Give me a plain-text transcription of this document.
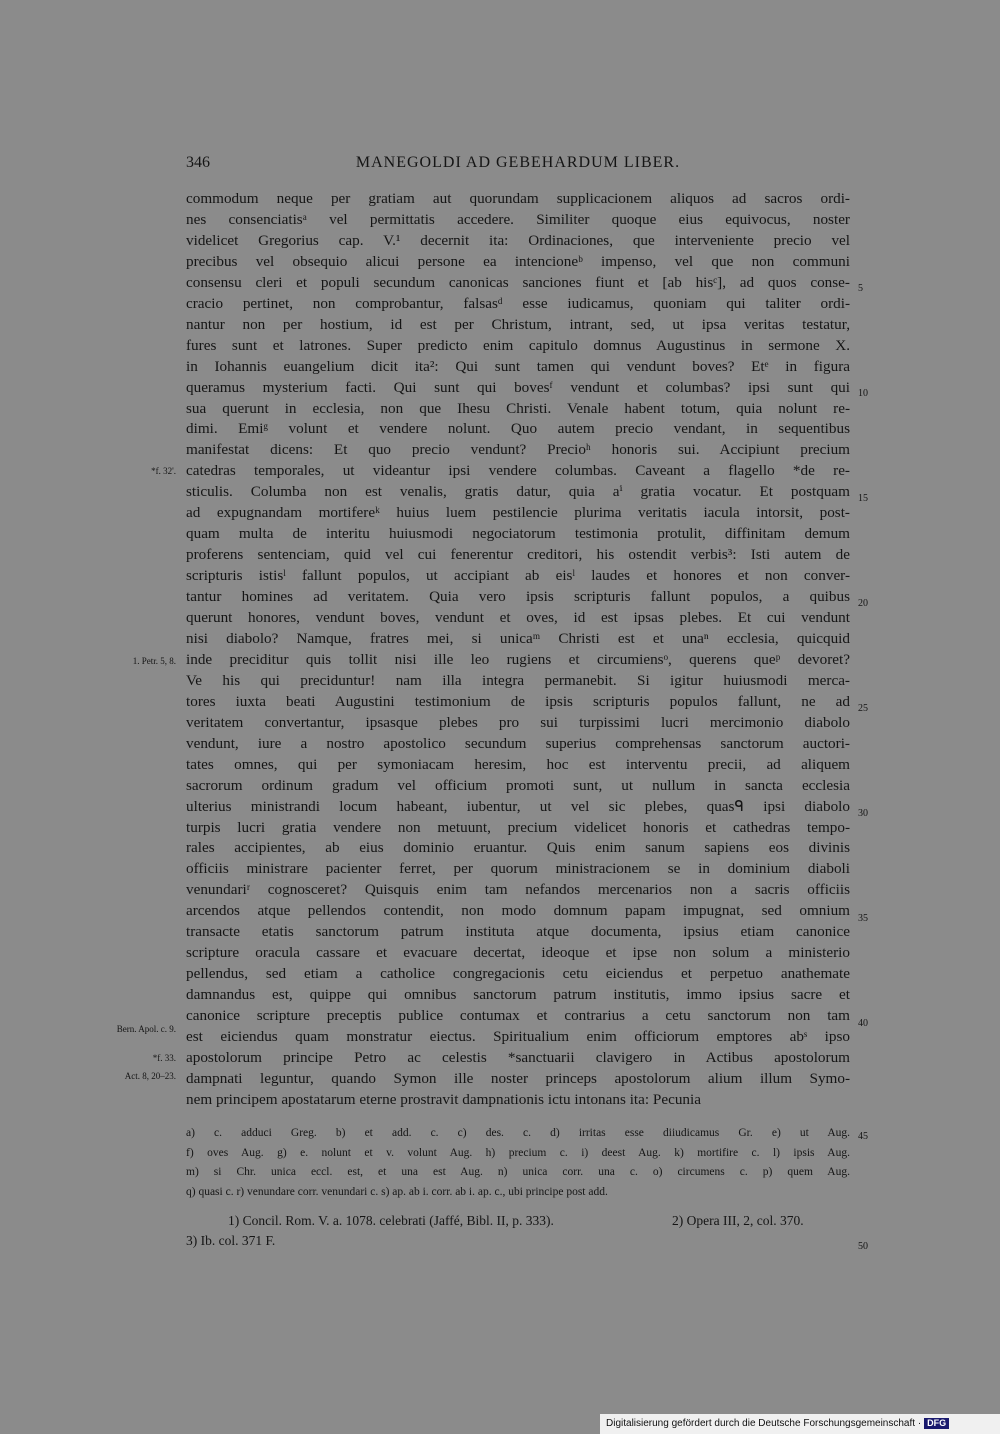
346	MANEGOLDI AD GEBEHARDUM LIBER.
commodum neque per gratiam aut quorundam supplicacionem aliquos ad sacros ordi-
nes consenciatisᵃ vel permittatis accedere. Similiter quoque eius equivocus, noster
videlicet Gregorius cap. V.¹ decernit ita: Ordinaciones, que interveniente precio vel
precibus vel obsequio alicui persone ea intencioneᵇ impenso, vel que non communi
consensu cleri et populi secundum canonicas sanciones fiunt et [ab hisᶜ], ad quos conse-
cracio pertinet, non comprobantur, falsasᵈ esse iudicamus, quoniam qui taliter ordi-
nantur non per hostium, id est per Christum, intrant, sed, ut ipsa veritas testatur,
fures sunt et latrones. Super predicto enim capitulo domnus Augustinus in sermone X.
in Iohannis euangelium dicit ita²: Qui sunt tamen qui vendunt boves? Etᵉ in figura
queramus mysterium facti. Qui sunt qui bovesᶠ vendunt et columbas? ipsi sunt qui
sua querunt in ecclesia, non que Ihesu Christi. Venale habent totum, quia nolunt re-
dimi. Emiᵍ volunt et vendere nolunt. Quo autem precio vendant, in sequentibus
manifestat dicens: Et quo precio vendunt? Precioʰ honoris sui. Accipiunt precium
catedras temporales, ut videantur ipsi vendere columbas. Caveant a flagello *de re-
sticulis. Columba non est venalis, gratis datur, quia aⁱ gratia vocatur. Et postquam
ad expugnandam mortifereᵏ huius luem pestilencie plurima veritatis iacula intorsit, post-
quam multa de interitu huiusmodi negociatorum testimonia protulit, diffinitam demum
proferens sentenciam, quid vel cui fenerentur creditori, his ostendit verbis³: Isti autem de
scripturis istisˡ fallunt populos, ut accipiant ab eisˡ laudes et honores et non conver-
tantur homines ad veritatem. Quia vero ipsis scripturis fallunt populos, a quibus
querunt honores, vendunt boves, vendunt et oves, id est ipsas plebes. Et cui vendunt
nisi diabolo? Namque, fratres mei, si unicaᵐ Christi est et unaⁿ ecclesia, quicquid
inde preciditur quis tollit nisi ille leo rugiens et circumiensᵒ, querens queᵖ devoret?
Ve his qui preciduntur! nam illa integra permanebit. Si igitur huiusmodi merca-
tores iuxta beati Augustini testimonium de ipsis scripturis populos fallunt, ne ad
veritatem convertantur, ipsasque plebes pro sui turpissimi lucri mercimonio diabolo
vendunt, iure a nostro apostolico secundum superius comprehensas sanctorum auctori-
tates omnes, qui per symoniacam heresim, hoc est interventu precii, ad aliquem
sacrorum ordinum gradum vel officium promoti sunt, ut nullum in sancta ecclesia
ulterius ministrandi locum habeant, iubentur, ut vel sic plebes, quasᑫ ipsi diabolo
turpis lucri gratia vendere non metuunt, precium videlicet honoris et cathedras tempo-
rales accipientes, ab eius dominio eruantur. Quis enim sanum sapiens eos divinis
officiis ministrare pacienter ferret, per quorum ministracionem se in dominium diaboli
venundariʳ cognosceret? Quisquis enim tam nefandos mercenarios non a sacris officiis
arcendos atque pellendos contendit, non modo domnum papam impugnat, sed omnium
transacte etatis sanctorum patrum instituta atque documenta, ipsius etiam canonice
scripture oracula cassare et evacuare decertat, ideoque et ipse non solum a ministerio
pellendus, sed etiam a catholice congregacionis cetu eiciendus et perpetuo anathemate
damnandus est, quippe qui omnibus sanctorum patrum institutis, immo ipsius sacre et
canonice scripture preceptis publice contumax et contrarius a cetu sanctorum non tam
est eiciendus quam monstratur eiectus. Spiritualium enim officiorum emptores abˢ ipso
apostolorum principe Petro ac celestis *sanctuarii clavigero in Actibus apostolorum
dampnati leguntur, quando Symon ille noster princeps apostolorum alium illum Symo-
nem principem apostatarum eterne prostravit dampnationis ictu intonans ita: Pecunia
5
10
15
20
25
30
35
40
45
50
*f. 32'.
1. Petr. 5, 8.
Bern. Apol. c. 9.
*f. 33.
Act. 8, 20–23.
a) c. adduci Greg. b) et add. c. c) des. c. d) irritas esse diiudicamus Gr. e) ut Aug.
f) oves Aug. g) e. nolunt et v. volunt Aug. h) precium c. i) deest Aug. k) mortifire c. l) ipsis Aug.
m) si Chr. unica eccl. est, et una est Aug. n) unica corr. una c. o) circumens c. p) quem Aug.
q) quasi c. r) venundare corr. venundari c. s) ap. ab i. corr. ab i. ap. c., ubi principe post add.
1) Concil. Rom. V. a. 1078. celebrati (Jaffé, Bibl. II, p. 333).	2) Opera III, 2, col. 370.
3) Ib. col. 371 F.
Digitalisierung gefördert durch die Deutsche Forschungsgemeinschaft · DFG
